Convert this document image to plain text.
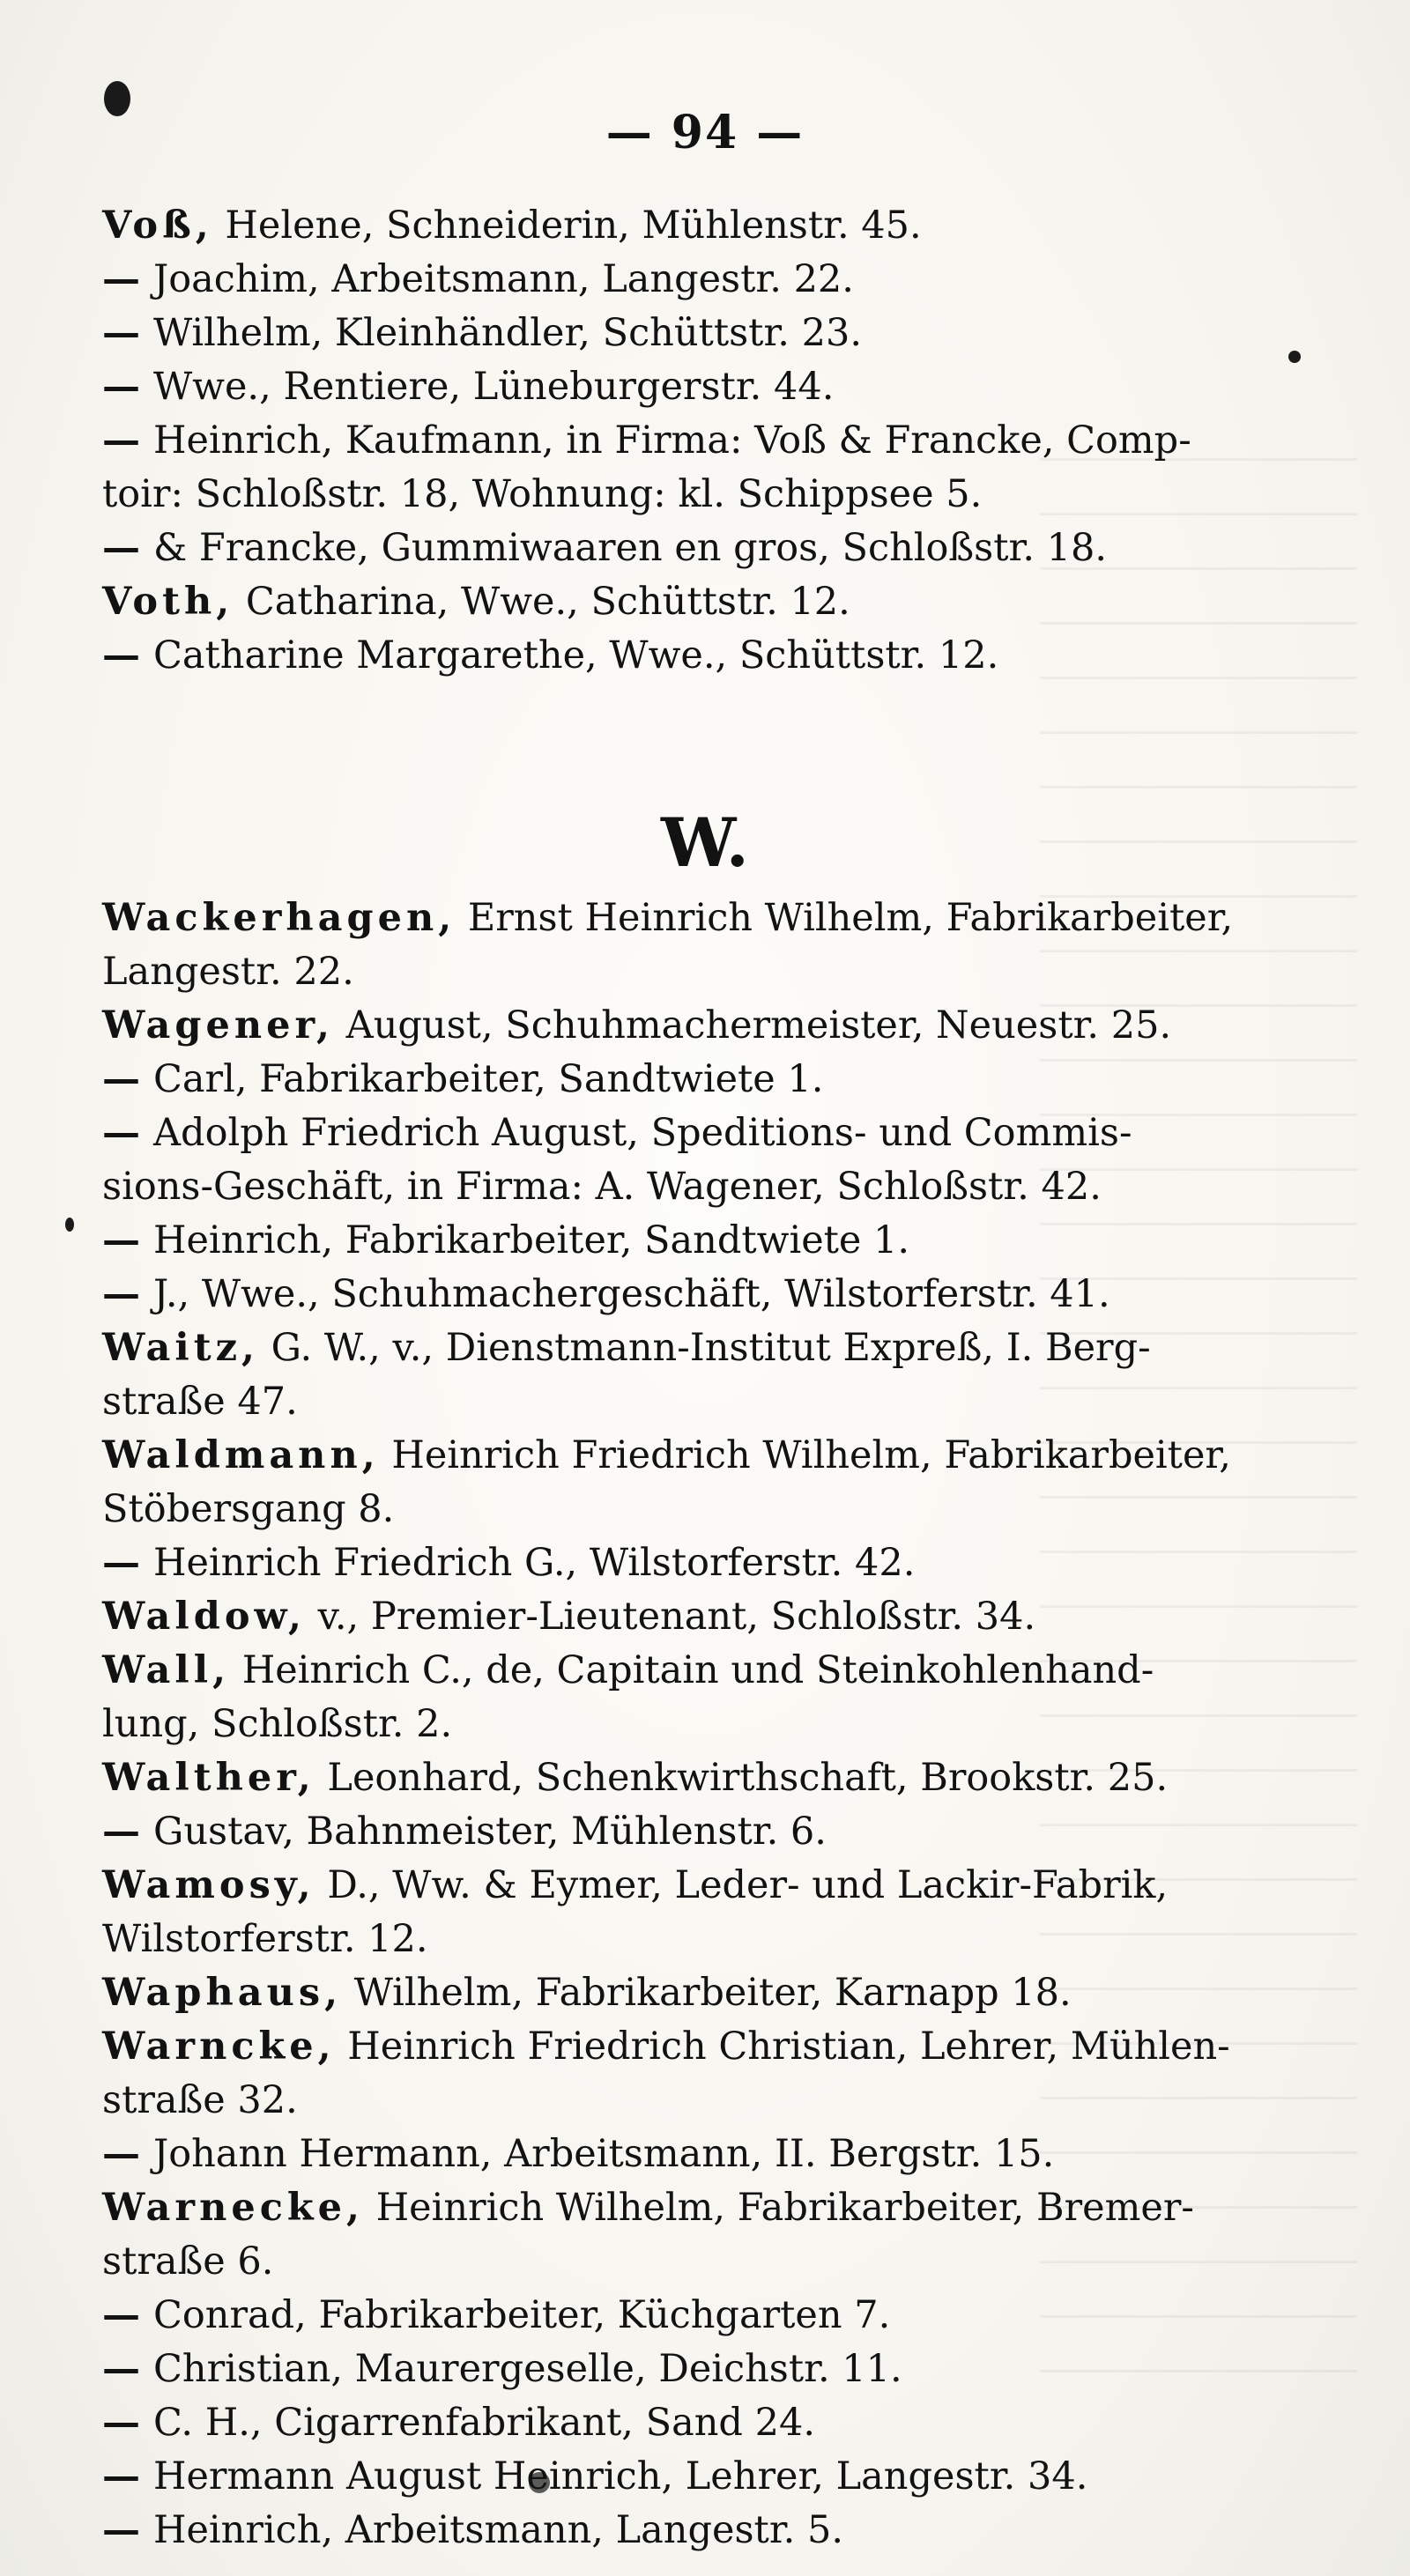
— 94 —
Voß, Helene, Schneiderin, Mühlenstr. 45.
— Joachim, Arbeitsmann, Langestr. 22.
— Wilhelm, Kleinhändler, Schüttstr. 23.
— Wwe., Rentiere, Lüneburgerstr. 44.
— Heinrich, Kaufmann, in Firma: Voß & Francke, Comp-
toir: Schloßstr. 18, Wohnung: kl. Schippsee 5.
— & Francke, Gummiwaaren en gros, Schloßstr. 18.
Voth, Catharina, Wwe., Schüttstr. 12.
— Catharine Margarethe, Wwe., Schüttstr. 12.
W.
Wackerhagen, Ernst Heinrich Wilhelm, Fabrikarbeiter,
Langestr. 22.
Wagener, August, Schuhmachermeister, Neuestr. 25.
— Carl, Fabrikarbeiter, Sandtwiete 1.
— Adolph Friedrich August, Speditions- und Commis-
sions-Geschäft, in Firma: A. Wagener, Schloßstr. 42.
— Heinrich, Fabrikarbeiter, Sandtwiete 1.
— J., Wwe., Schuhmachergeschäft, Wilstorferstr. 41.
Waitz, G. W., v., Dienstmann-Institut Expreß, I. Berg-
straße 47.
Waldmann, Heinrich Friedrich Wilhelm, Fabrikarbeiter,
Stöbersgang 8.
— Heinrich Friedrich G., Wilstorferstr. 42.
Waldow, v., Premier-Lieutenant, Schloßstr. 34.
Wall, Heinrich C., de, Capitain und Steinkohlenhand-
lung, Schloßstr. 2.
Walther, Leonhard, Schenkwirthschaft, Brookstr. 25.
— Gustav, Bahnmeister, Mühlenstr. 6.
Wamosy, D., Ww. & Eymer, Leder- und Lackir-Fabrik,
Wilstorferstr. 12.
Waphaus, Wilhelm, Fabrikarbeiter, Karnapp 18.
Warncke, Heinrich Friedrich Christian, Lehrer, Mühlen-
straße 32.
— Johann Hermann, Arbeitsmann, II. Bergstr. 15.
Warnecke, Heinrich Wilhelm, Fabrikarbeiter, Bremer-
straße 6.
— Conrad, Fabrikarbeiter, Küchgarten 7.
— Christian, Maurergeselle, Deichstr. 11.
— C. H., Cigarrenfabrikant, Sand 24.
— Hermann August Heinrich, Lehrer, Langestr. 34.
— Heinrich, Arbeitsmann, Langestr. 5.
